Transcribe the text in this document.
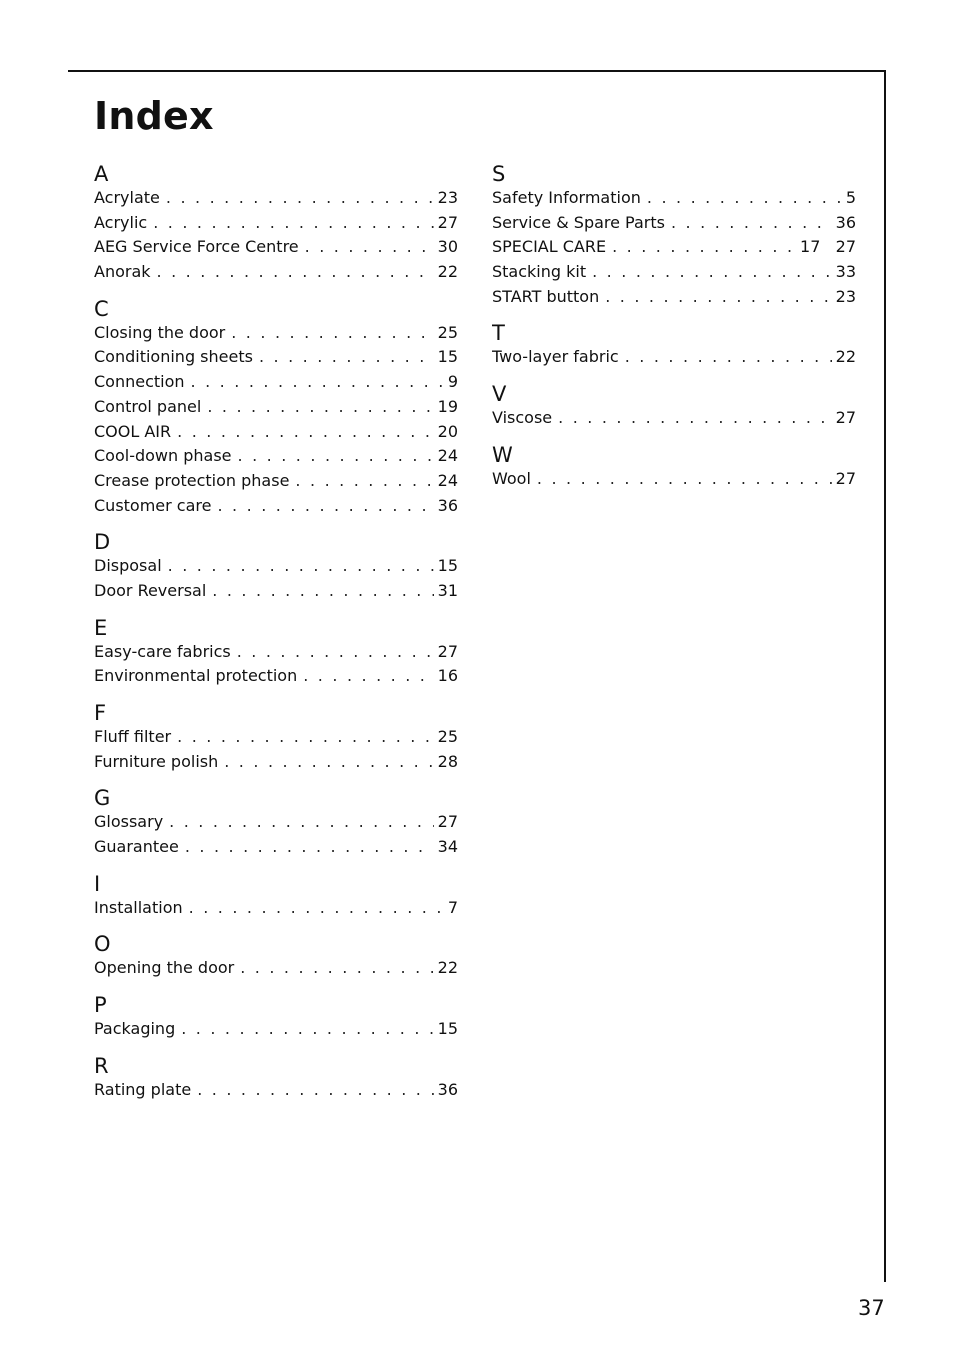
Index
A
Acrylate . . .	23
Acrylic . . .	27
AEG Service Force Centre . . .	30
Anorak . . .	22
C
Closing the door . . .	25
Conditioning sheets . . .	15
Connection . . .	9
Control panel . . .	19
COOL AIR . . .	20
Cool-down phase . . .	24
Crease protection phase . . .	24
Customer care . . .	36
D
Disposal . . .	15
Door Reversal . . .	31
E
Easy-care fabrics . . .	27
Environmental protection . . .	16
F
Fluff filter . . .	25
Furniture polish . . .	28
G
Glossary . . .	27
Guarantee . . .	34
I
Installation . . .	7
O
Opening the door . . .	22
P
Packaging . . .	15
R
Rating plate . . .	36
S
Safety Information . . .	5
Service & Spare Parts . . .	36
SPECIAL CARE . . .	17   27
Stacking kit . . .	33
START button . . .	23
T
Two-layer fabric . . .	22
V
Viscose . . .	27
W
Wool . . .	27
37
